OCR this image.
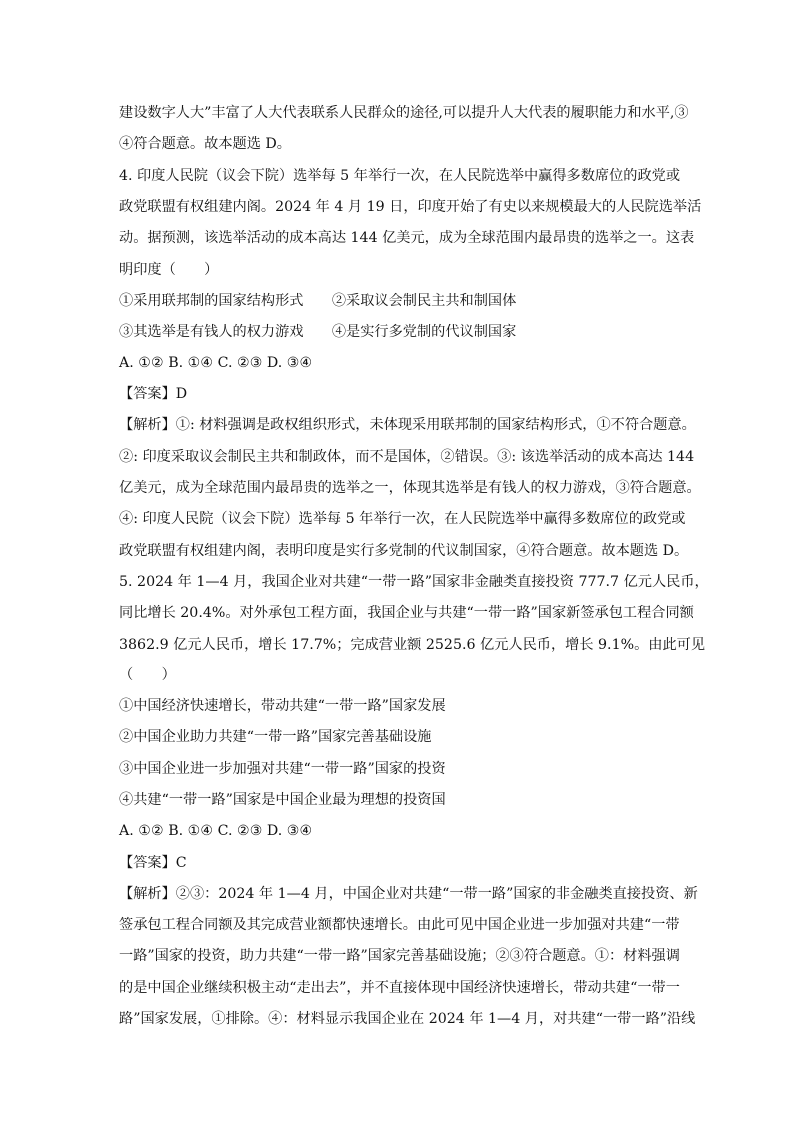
建设数字人大”丰富了人大代表联系人民群众的途径,可以提升人大代表的履职能力和水平,③
④符合题意。故本题选 D。
4. 印度人民院（议会下院）选举每 5 年举行一次，在人民院选举中赢得多数席位的政党或
政党联盟有权组建内阁。2024 年 4 月 19 日，印度开始了有史以来规模最大的人民院选举活
动。据预测，该选举活动的成本高达 144 亿美元，成为全球范围内最昂贵的选举之一。这表
明印度（　　）
①采用联邦制的国家结构形式　　②采取议会制民主共和制国体
③其选举是有钱人的权力游戏　　④是实行多党制的代议制国家
A. ①② B. ①④ C. ②③ D. ③④
【答案】D
【解析】①: 材料强调是政权组织形式，未体现采用联邦制的国家结构形式，①不符合题意。
②: 印度采取议会制民主共和制政体，而不是国体，②错误。③: 该选举活动的成本高达 144
亿美元，成为全球范围内最昂贵的选举之一，体现其选举是有钱人的权力游戏，③符合题意。
④: 印度人民院（议会下院）选举每 5 年举行一次，在人民院选举中赢得多数席位的政党或
政党联盟有权组建内阁，表明印度是实行多党制的代议制国家，④符合题意。故本题选 D。
5. 2024 年 1—4 月，我国企业对共建“一带一路”国家非金融类直接投资 777.7 亿元人民币，
同比增长 20.4%。对外承包工程方面，我国企业与共建“一带一路”国家新签承包工程合同额
3862.9 亿元人民币，增长 17.7%；完成营业额 2525.6 亿元人民币，增长 9.1%。由此可见
（　　）
①中国经济快速增长，带动共建“一带一路”国家发展
②中国企业助力共建“一带一路”国家完善基础设施
③中国企业进一步加强对共建“一带一路”国家的投资
④共建“一带一路”国家是中国企业最为理想的投资国
A. ①② B. ①④ C. ②③ D. ③④
【答案】C
【解析】②③：2024 年 1—4 月，中国企业对共建“一带一路”国家的非金融类直接投资、新
签承包工程合同额及其完成营业额都快速增长。由此可见中国企业进一步加强对共建“一带
一路”国家的投资，助力共建“一带一路”国家完善基础设施；②③符合题意。①：材料强调
的是中国企业继续积极主动“走出去”，并不直接体现中国经济快速增长，带动共建“一带一
路”国家发展，①排除。④：材料显示我国企业在 2024 年 1—4 月，对共建“一带一路”沿线
